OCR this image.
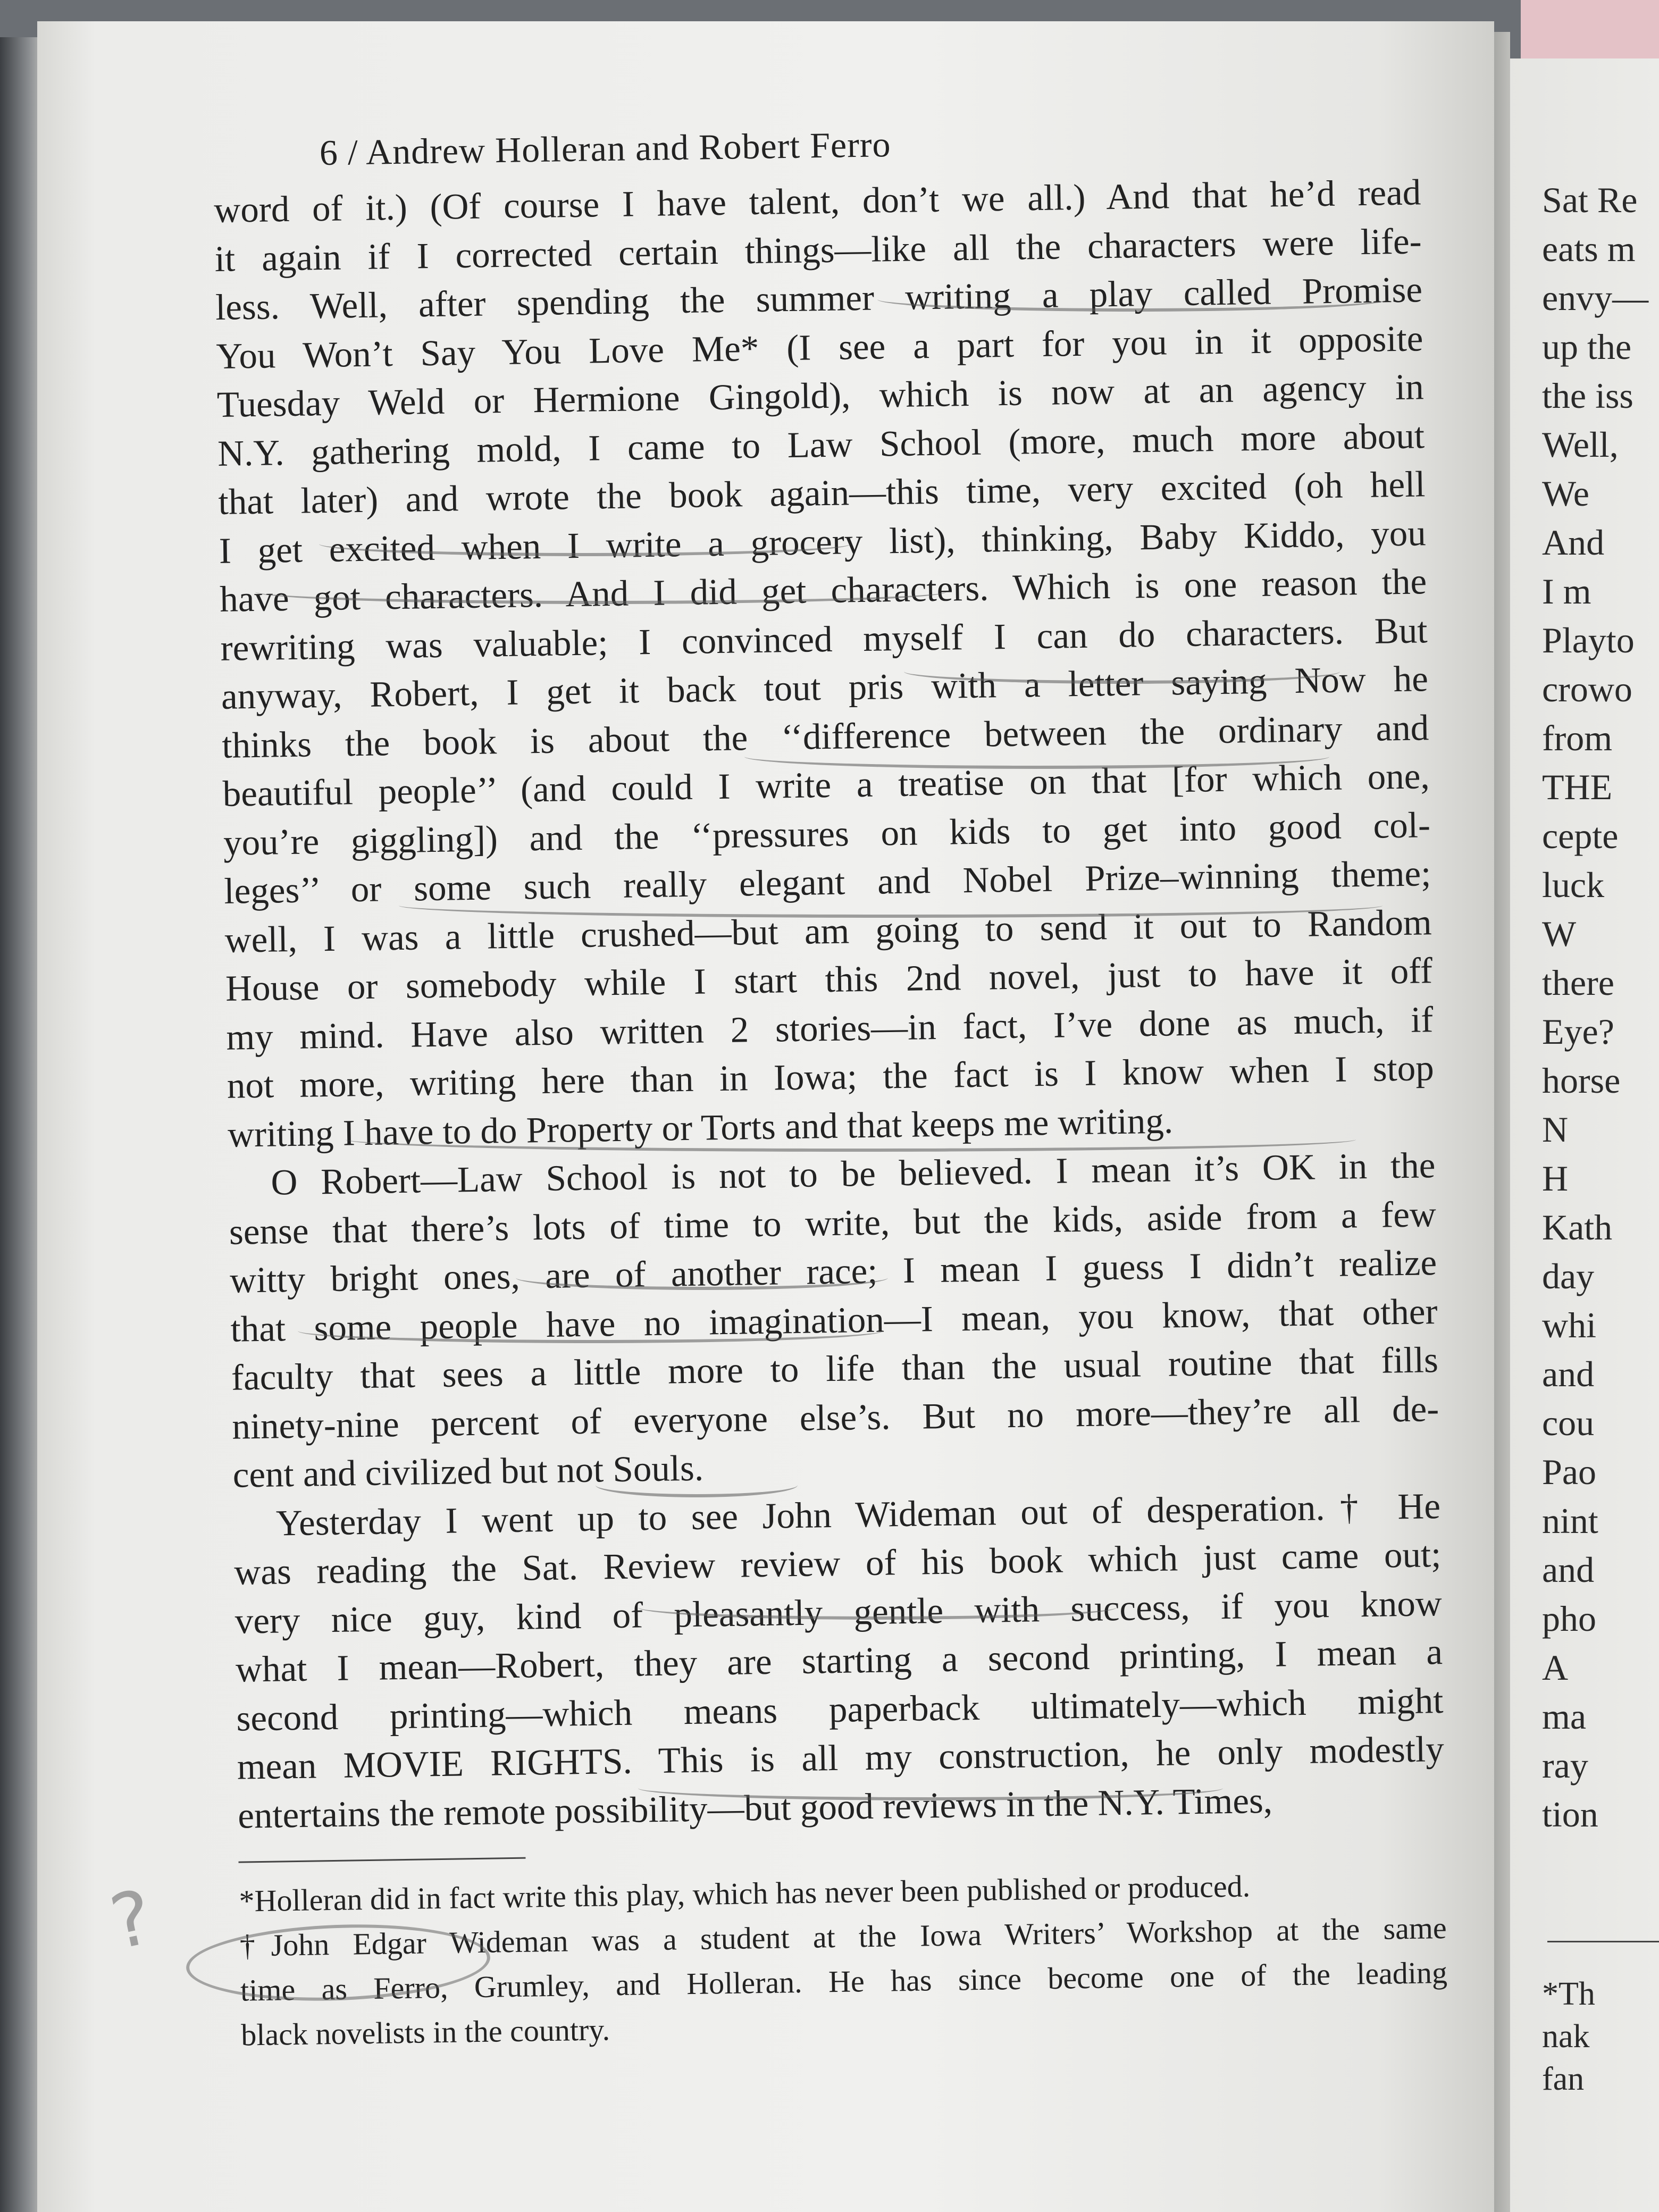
Sat Re
eats m
envy—
up the
the iss
Well,
We
And
I m
Playto
crowo
from
THE
cepte
luck
W
there
Eye?
horse
N
H
Kath
day
whi
and
cou
Pao
nint
and
pho
A
ma
ray
tion
*Th
nak
fan
6 / Andrew Holleran and Robert Ferro
word of it.) (Of course I have talent, don’t we all.) And that he’d read
it again if I corrected certain things—like all the characters were life-
less. Well, after spending the summer writing a play called Promise
You Won’t Say You Love Me* (I see a part for you in it opposite
Tuesday Weld or Hermione Gingold), which is now at an agency in
N.Y. gathering mold, I came to Law School (more, much more about
that later) and wrote the book again—this time, very excited (oh hell
I get excited when I write a grocery list), thinking, Baby Kiddo, you
have got characters. And I did get characters. Which is one reason the
rewriting was valuable; I convinced myself I can do characters. But
anyway, Robert, I get it back tout pris with a letter saying Now he
thinks the book is about the ‘‘difference between the ordinary and
beautiful people’’ (and could I write a treatise on that [for which one,
you’re giggling]) and the ‘‘pressures on kids to get into good col-
leges’’ or some such really elegant and Nobel Prize–winning theme;
well, I was a little crushed—but am going to send it out to Random
House or somebody while I start this 2nd novel, just to have it off
my mind. Have also written 2 stories—in fact, I’ve done as much, if
not more, writing here than in Iowa; the fact is I know when I stop
writing I have to do Property or Torts and that keeps me writing.
O Robert—Law School is not to be believed. I mean it’s OK in the
sense that there’s lots of time to write, but the kids, aside from a few
witty bright ones, are of another race; I mean I guess I didn’t realize
that some people have no imagination—I mean, you know, that other
faculty that sees a little more to life than the usual routine that fills
ninety-nine percent of everyone else’s. But no more—they’re all de-
cent and civilized but not Souls.
Yesterday I went up to see John Wideman out of desperation.† He
was reading the Sat. Review review of his book which just came out;
very nice guy, kind of pleasantly gentle with success, if you know
what I mean—Robert, they are starting a second printing, I mean a
second printing—which means paperback ultimately—which might
mean MOVIE RIGHTS. This is all my construction, he only modestly
entertains the remote possibility—but good reviews in the N.Y. Times,
*Holleran did in fact write this play, which has never been published or produced.
†John Edgar Wideman was a student at the Iowa Writers’ Workshop at the same
time as Ferro, Grumley, and Holleran. He has since become one of the leading
black novelists in the country.
?
